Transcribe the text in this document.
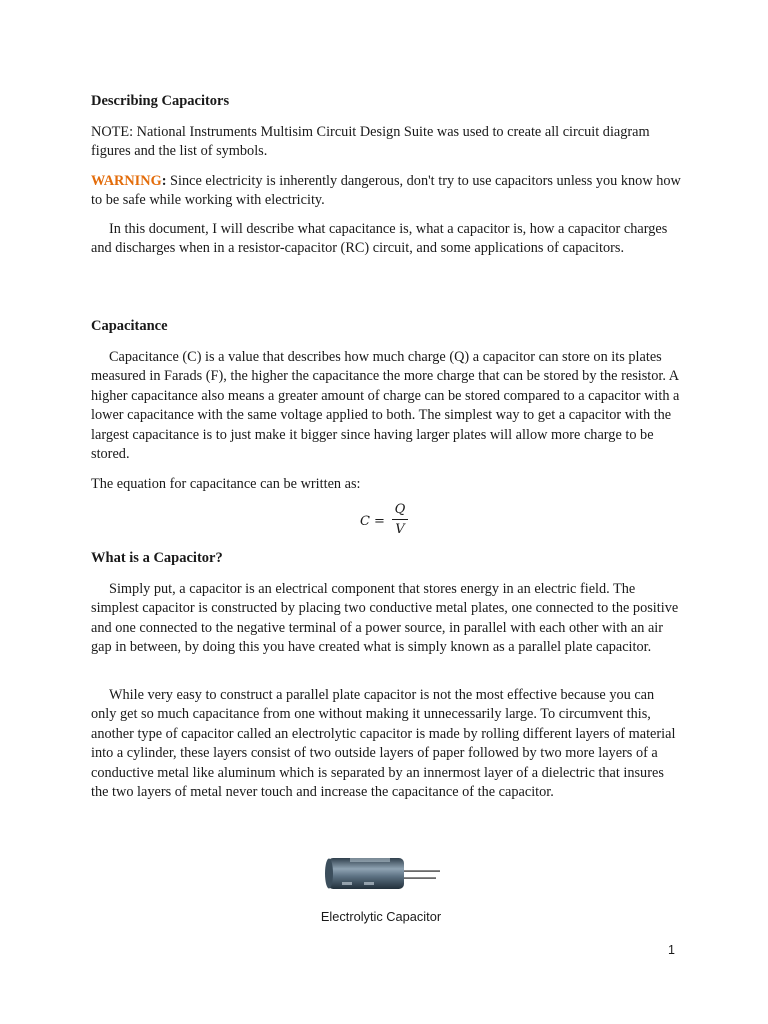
Describing Capacitors

NOTE: National Instruments Multisim Circuit Design Suite was used to create all circuit diagram figures and the list of symbols.

WARNING: Since electricity is inherently dangerous, don't try to use capacitors unless you know how to be safe while working with electricity.

In this document, I will describe what capacitance is, what a capacitor is, how a capacitor charges and discharges when in a resistor-capacitor (RC) circuit, and some applications of capacitors.

Capacitance

Capacitance (C) is a value that describes how much charge (Q) a capacitor can store on its plates measured in Farads (F), the higher the capacitance the more charge that can be stored by the resistor. A higher capacitance also means a greater amount of charge can be stored compared to a capacitor with a lower capacitance with the same voltage applied to both. The simplest way to get a capacitor with the largest capacitance is to just make it bigger since having larger plates will allow more charge to be stored.

The equation for capacitance can be written as:

C =
Q
V
What is a Capacitor?

Simply put, a capacitor is an electrical component that stores energy in an electric field. The simplest capacitor is constructed by placing two conductive metal plates, one connected to the positive and one connected to the negative terminal of a power source, in parallel with each other with an air gap in between, by doing this you have created what is simply known as a parallel plate capacitor.

While very easy to construct a parallel plate capacitor is not the most effective because you can only get so much capacitance from one without making it unnecessarily large. To circumvent this, another type of capacitor called an electrolytic capacitor is made by rolling different layers of material into a cylinder, these layers consist of two outside layers of paper followed by two more layers of a conductive metal like aluminum which is separated by an innermost layer of a dielectric that insures the two layers of metal never touch and increase the capacitance of the capacitor.

Electrolytic Capacitor
1
